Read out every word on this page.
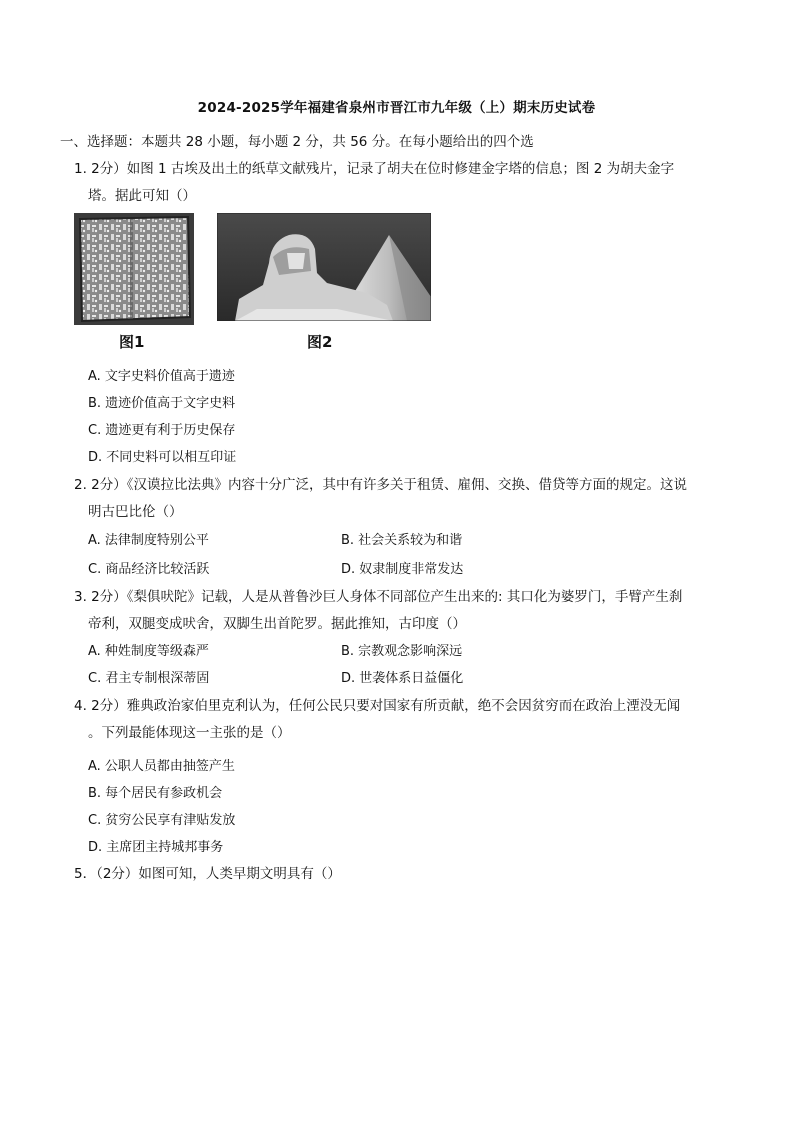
2024-2025学年福建省泉州市晋江市九年级（上）期末历史试卷
一、选择题：本题共 28 小题，每小题 2 分，共 56 分。在每小题给出的四个选
1. 2分）如图 1 古埃及出土的纸草文献残片，记录了胡夫在位时修建金字塔的信息；图 2 为胡夫金字
塔。据此可知（）
图1	图2
A. 文字史料价值高于遗迹
B. 遗迹价值高于文字史料
C. 遗迹更有利于历史保存
D. 不同史料可以相互印证
2. 2分）《汉谟拉比法典》内容十分广泛，其中有许多关于租赁、雇佣、交换、借贷等方面的规定。这说
明古巴比伦（）
A. 法律制度特别公平	B. 社会关系较为和谐
C. 商品经济比较活跃	D. 奴隶制度非常发达
3. 2分）《梨俱吠陀》记载，人是从普鲁沙巨人身体不同部位产生出来的: 其口化为婆罗门，手臂产生刹
帝利，双腿变成吠舍，双脚生出首陀罗。据此推知，古印度（）
A. 种姓制度等级森严	B. 宗教观念影响深远
C. 君主专制根深蒂固	D. 世袭体系日益僵化
4. 2分）雅典政治家伯里克利认为，任何公民只要对国家有所贡献，绝不会因贫穷而在政治上湮没无闻
。下列最能体现这一主张的是（）
A. 公职人员都由抽签产生
B. 每个居民有参政机会
C. 贫穷公民享有津贴发放
D. 主席团主持城邦事务
5．（2分）如图可知，人类早期文明具有（）
